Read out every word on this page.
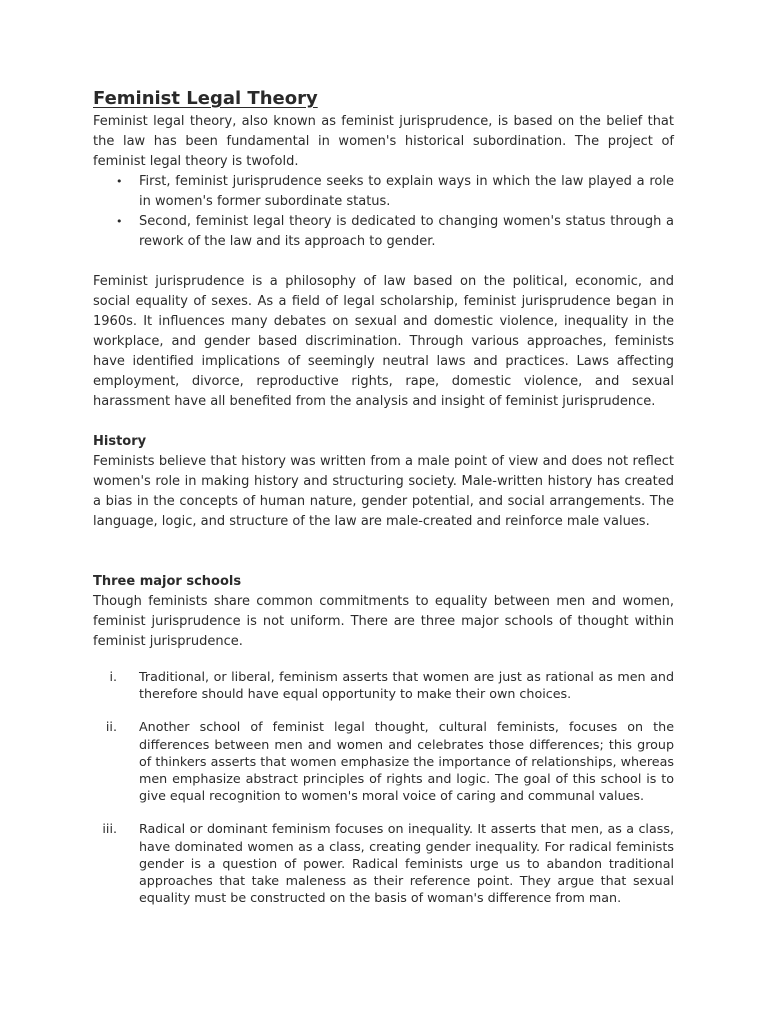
Feminist Legal Theory

Feminist legal theory, also known as feminist jurisprudence, is based on the belief that the law has been fundamental in women's historical subordination. The project of feminist legal theory is twofold.

• First, feminist jurisprudence seeks to explain ways in which the law played a role in women's former subordinate status.
• Second, feminist legal theory is dedicated to changing women's status through a rework of the law and its approach to gender.

Feminist jurisprudence is a philosophy of law based on the political, economic, and social equality of sexes. As a field of legal scholarship, feminist jurisprudence began in 1960s. It influences many debates on sexual and domestic violence, inequality in the workplace, and gender based discrimination. Through various approaches, feminists have identified implications of seemingly neutral laws and practices. Laws affecting employment, divorce, reproductive rights, rape, domestic violence, and sexual harassment have all benefited from the analysis and insight of feminist jurisprudence.

History

Feminists believe that history was written from a male point of view and does not reflect women's role in making history and structuring society. Male-written history has created a bias in the concepts of human nature, gender potential, and social arrangements. The language, logic, and structure of the law are male-created and reinforce male values.

Three major schools

Though feminists share common commitments to equality between men and women, feminist jurisprudence is not uniform. There are three major schools of thought within feminist jurisprudence.

i. Traditional, or liberal, feminism asserts that women are just as rational as men and therefore should have equal opportunity to make their own choices.
ii. Another school of feminist legal thought, cultural feminists, focuses on the differences between men and women and celebrates those differences; this group of thinkers asserts that women emphasize the importance of relationships, whereas men emphasize abstract principles of rights and logic. The goal of this school is to give equal recognition to women's moral voice of caring and communal values.
iii. Radical or dominant feminism focuses on inequality. It asserts that men, as a class, have dominated women as a class, creating gender inequality. For radical feminists gender is a question of power. Radical feminists urge us to abandon traditional approaches that take maleness as their reference point. They argue that sexual equality must be constructed on the basis of woman's difference from man.
